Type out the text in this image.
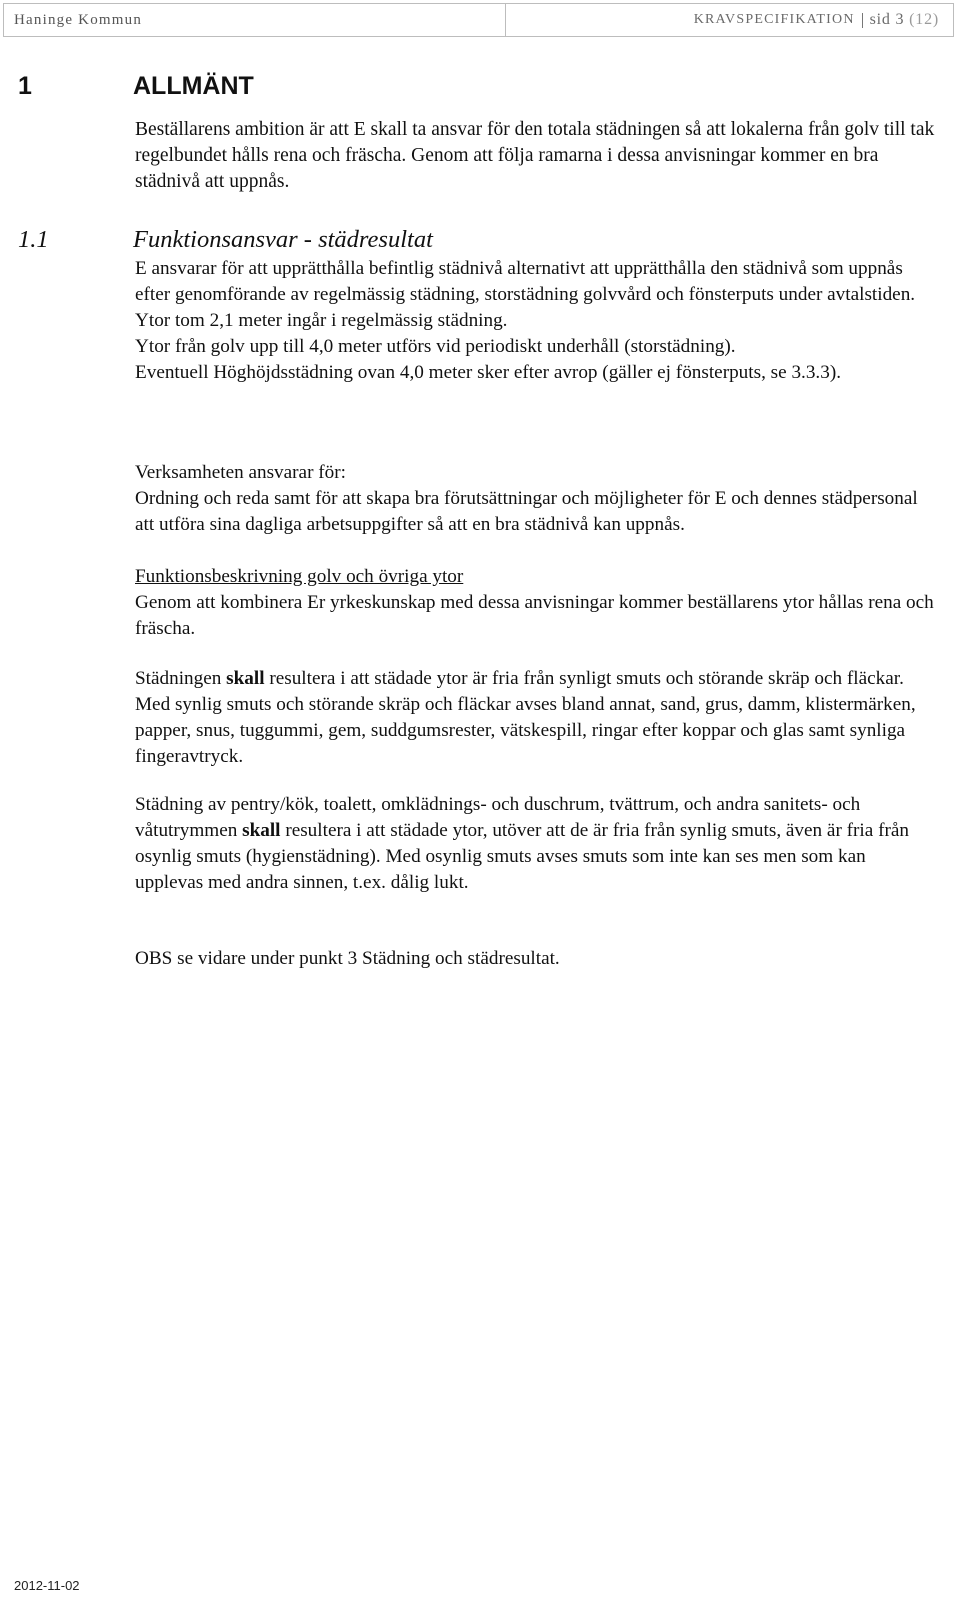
Haninge Kommun	KRAVSPECIFIKATION sid 3 (12)
1	ALLMÄNT

Beställarens ambition är att E skall ta ansvar för den totala städningen så att lokalerna från golv till tak regelbundet hålls rena och fräscha. Genom att följa ramarna i dessa anvisningar kommer en bra städnivå att uppnås.

1.1	Funktionsansvar - städresultat
E ansvarar för att upprätthålla befintlig städnivå alternativt att upprätthålla den städnivå som uppnås efter genomförande av regelmässig städning, storstädning golvvård och fönsterputs under avtalstiden.
Ytor tom 2,1 meter ingår i regelmässig städning.
Ytor från golv upp till 4,0 meter utförs vid periodiskt underhåll (storstädning).
Eventuell Höghöjdsstädning ovan 4,0 meter sker efter avrop (gäller ej fönsterputs, se 3.3.3).
Verksamheten ansvarar för:
Ordning och reda samt för att skapa bra förutsättningar och möjligheter för E och dennes städpersonal att utföra sina dagliga arbetsuppgifter så att en bra städnivå kan uppnås.
Funktionsbeskrivning golv och övriga ytor
Genom att kombinera Er yrkeskunskap med dessa anvisningar kommer beställarens ytor hållas rena och fräscha.
Städningen skall resultera i att städade ytor är fria från synligt smuts och störande skräp och fläckar. Med synlig smuts och störande skräp och fläckar avses bland annat, sand, grus, damm, klistermärken, papper, snus, tuggummi, gem, suddgumsrester, vätskespill, ringar efter koppar och glas samt synliga fingeravtryck.
Städning av pentry/kök, toalett, omklädnings- och duschrum, tvättrum, och andra sanitets- och våtutrymmen skall resultera i att städade ytor, utöver att de är fria från synlig smuts, även är fria från osynlig smuts (hygienstädning). Med osynlig smuts avses smuts som inte kan ses men som kan upplevas med andra sinnen, t.ex. dålig lukt.
OBS se vidare under punkt 3 Städning och städresultat.
2012-11-02
